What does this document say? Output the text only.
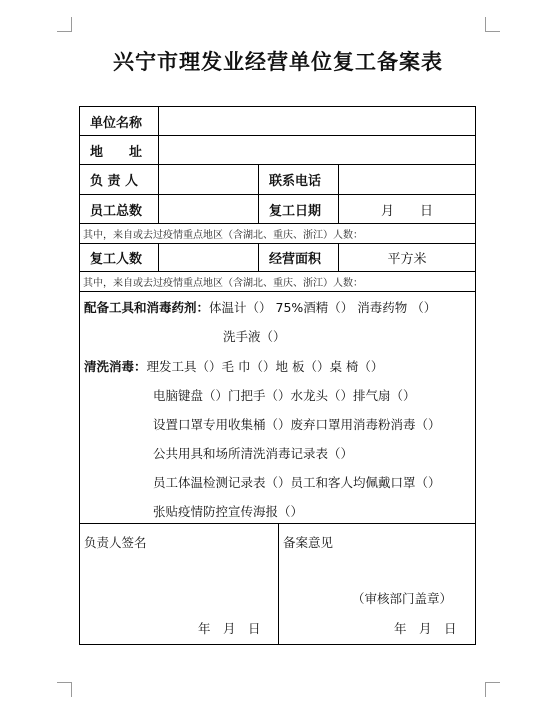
兴宁市理发业经营单位复工备案表
单位名称
地　　址
负 责 人	联系电话
员工总数	复工日期	月　　日
其中，来自或去过疫情重点地区（含湖北、重庆、浙江）人数：
复工人数	经营面积	平方米
其中，来自或去过疫情重点地区（含湖北、重庆、浙江）人数：
配备工具和消毒药剂：体温计（） 75%酒精（） 消毒药物 （）
洗手液（）
清洗消毒：理发工具（）毛 巾（）地 板（）桌 椅（）
电脑键盘（）门把手（）水龙头（）排气扇（）
设置口罩专用收集桶（）废弃口罩用消毒粉消毒（）
公共用具和场所清洗消毒记录表（）
员工体温检测记录表（）员工和客人均佩戴口罩（）
张贴疫情防控宣传海报（）
负责人签名
年　月　日
备案意见
（审核部门盖章）
年　月　日
